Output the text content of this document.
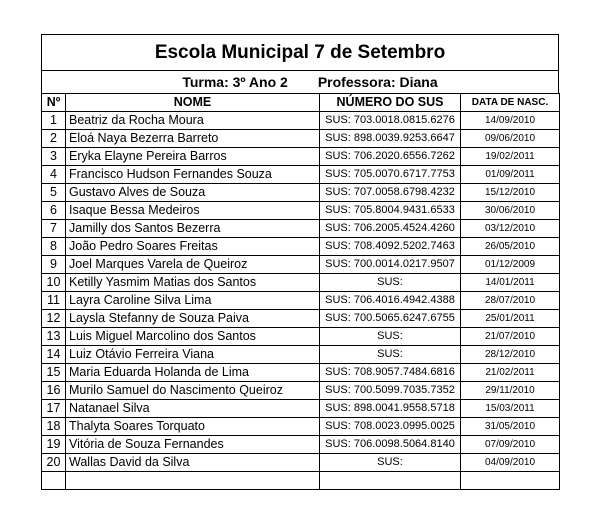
Escola Municipal 7 de Setembro
Turma: 3º Ano 2 Professora: Diana
Nº	NOME	NÚMERO DO SUS	DATA DE NASC.
1	Beatriz da Rocha Moura	SUS: 703.0018.0815.6276	14/09/2010
2	Eloá Naya Bezerra Barreto	SUS: 898.0039.9253.6647	09/06/2010
3	Eryka Elayne Pereira Barros	SUS: 706.2020.6556.7262	19/02/2011
4	Francisco Hudson Fernandes Souza	SUS: 705.0070.6717.7753	01/09/2011
5	Gustavo Alves de Souza	SUS: 707.0058.6798.4232	15/12/2010
6	Isaque Bessa Medeiros	SUS: 705.8004.9431.6533	30/06/2010
7	Jamilly dos Santos Bezerra	SUS: 706.2005.4524.4260	03/12/2010
8	João Pedro Soares Freitas	SUS: 708.4092.5202.7463	26/05/2010
9	Joel Marques Varela de Queiroz	SUS: 700.0014.0217.9507	01/12/2009
10	Ketilly Yasmim Matias dos Santos	SUS:	14/01/2011
11	Layra Caroline Silva Lima	SUS: 706.4016.4942.4388	28/07/2010
12	Laysla Stefanny de Souza Paiva	SUS: 700.5065.6247.6755	25/01/2011
13	Luis Miguel Marcolino dos Santos	SUS:	21/07/2010
14	Luiz Otávio Ferreira Viana	SUS:	28/12/2010
15	Maria Eduarda Holanda de Lima	SUS: 708.9057.7484.6816	21/02/2011
16	Murilo Samuel do Nascimento Queiroz	SUS: 700.5099.7035.7352	29/11/2010
17	Natanael Silva	SUS: 898.0041.9558.5718	15/03/2011
18	Thalyta Soares Torquato	SUS: 708.0023.0995.0025	31/05/2010
19	Vitória de Souza Fernandes	SUS: 706.0098.5064.8140	07/09/2010
20	Wallas David da Silva	SUS:	04/09/2010
